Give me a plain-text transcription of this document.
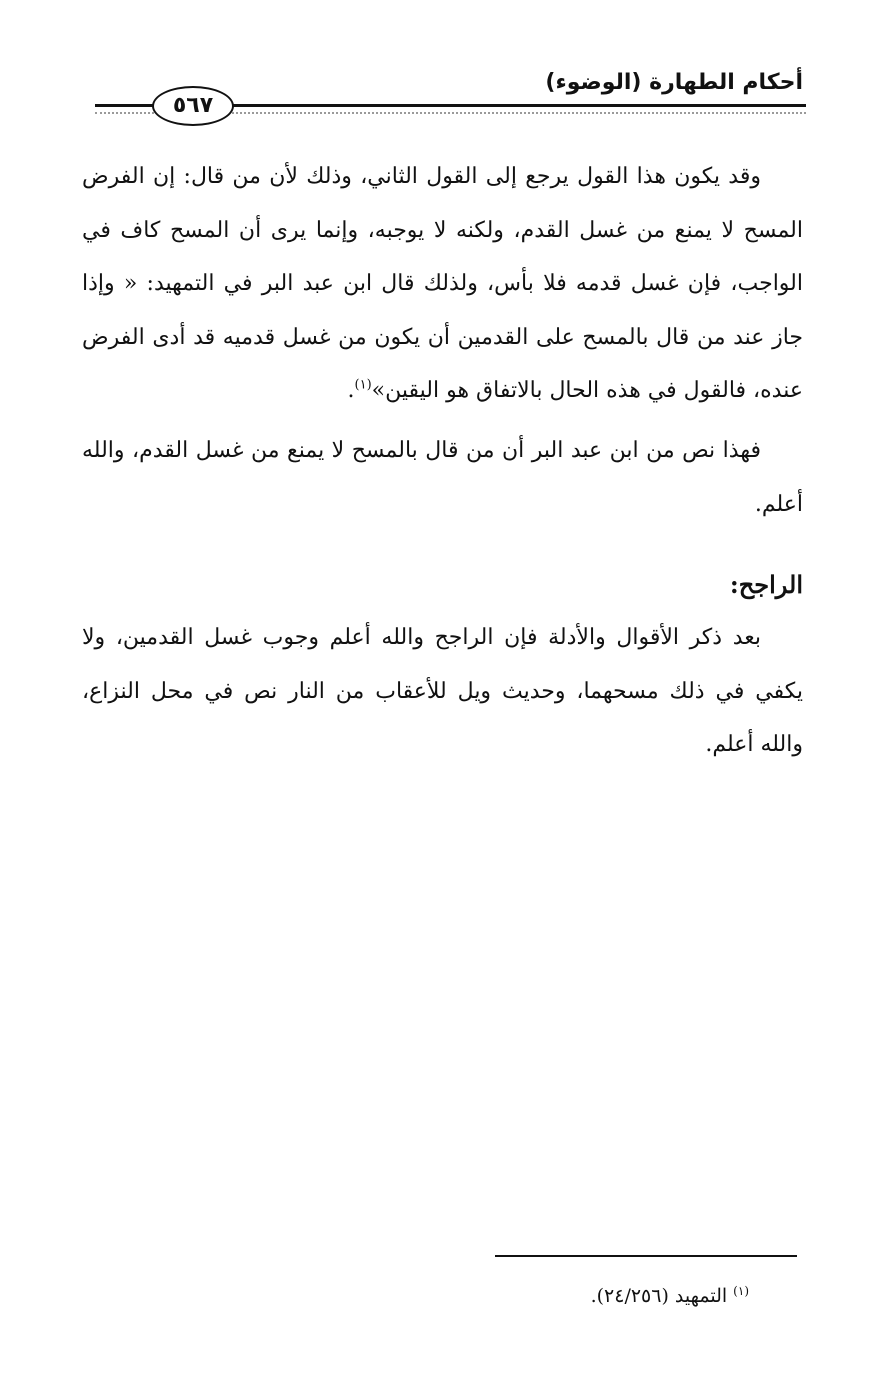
أحكام الطهارة (الوضوء)
٥٦٧

وقد يكون هذا القول يرجع إلى القول الثاني، وذلك لأن من قال: إن الفرض المسح لا يمنع من غسل القدم، ولكنه لا يوجبه، وإنما يرى أن المسح كاف في الواجب، فإن غسل قدمه فلا بأس، ولذلك قال ابن عبد البر في التمهيد: « وإذا جاز عند من قال بالمسح على القدمين أن يكون من غسل قدميه قد أدى الفرض عنده، فالقول في هذه الحال بالاتفاق هو اليقين»$^{(١)}$.

فهذا نص من ابن عبد البر أن من قال بالمسح لا يمنع من غسل القدم، والله أعلم.

الراجح:

بعد ذكر الأقوال والأدلة فإن الراجح والله أعلم وجوب غسل القدمين، ولا يكفي في ذلك مسحهما، وحديث ويل للأعقاب من النار نص في محل النزاع، والله أعلم.

$^{(١)}$التمهيد (٢٤/٢٥٦).
